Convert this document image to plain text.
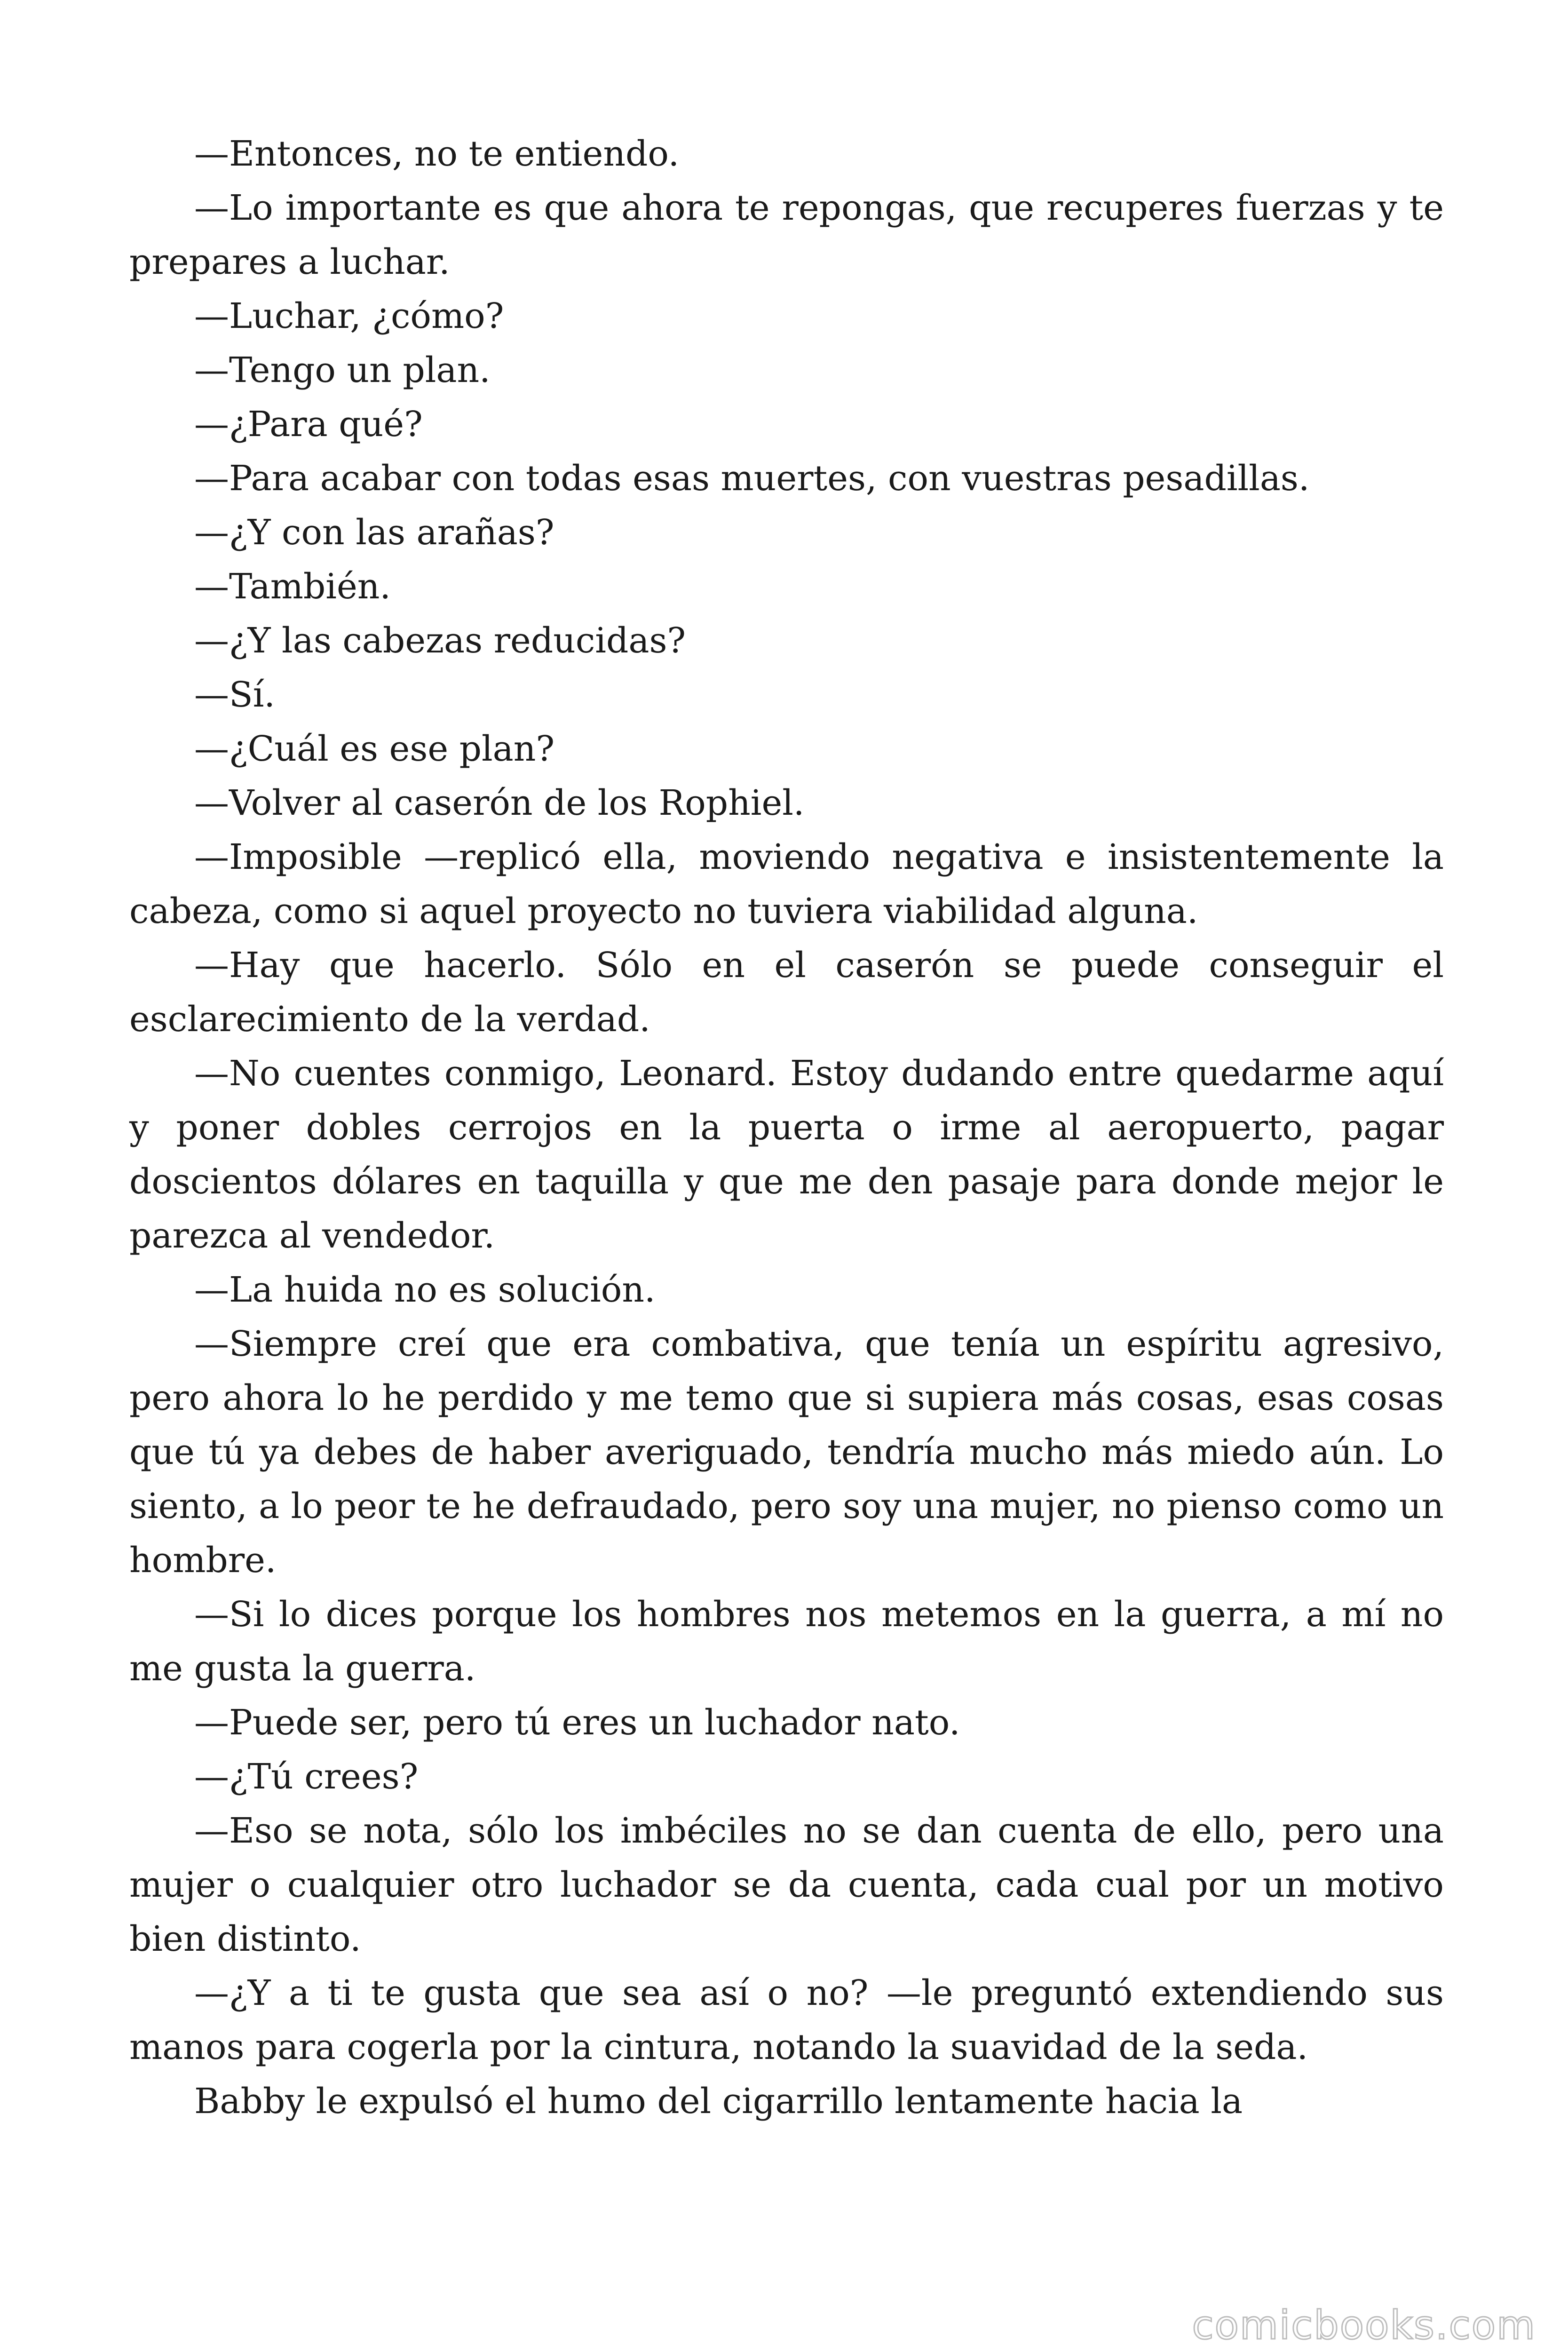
—Entonces, no te entiendo.

—Lo importante es que ahora te repongas, que recuperes fuerzas y te prepares a luchar.

—Luchar, ¿cómo?

—Tengo un plan.

—¿Para qué?

—Para acabar con todas esas muertes, con vuestras pesadillas.

—¿Y con las arañas?

—También.

—¿Y las cabezas reducidas?

—Sí.

—¿Cuál es ese plan?

—Volver al caserón de los Rophiel.

—Imposible —replicó ella, moviendo negativa e insistentemente la cabeza, como si aquel proyecto no tuviera viabilidad alguna.

—Hay que hacerlo. Sólo en el caserón se puede conseguir el esclarecimiento de la verdad.

—No cuentes conmigo, Leonard. Estoy dudando entre quedarme aquí y poner dobles cerrojos en la puerta o irme al aeropuerto, pagar doscientos dólares en taquilla y que me den pasaje para donde mejor le parezca al vendedor.

—La huida no es solución.

—Siempre creí que era combativa, que tenía un espíritu agresivo, pero ahora lo he perdido y me temo que si supiera más cosas, esas cosas que tú ya debes de haber averiguado, tendría mucho más miedo aún. Lo siento, a lo peor te he defraudado, pero soy una mujer, no pienso como un hombre.

—Si lo dices porque los hombres nos metemos en la guerra, a mí no me gusta la guerra.

—Puede ser, pero tú eres un luchador nato.

—¿Tú crees?

—Eso se nota, sólo los imbéciles no se dan cuenta de ello, pero una mujer o cualquier otro luchador se da cuenta, cada cual por un motivo bien distinto.

—¿Y a ti te gusta que sea así o no? —le preguntó extendiendo sus manos para cogerla por la cintura, notando la suavidad de la seda.

Babby le expulsó el humo del cigarrillo lentamente hacia la

comicbooks.com
